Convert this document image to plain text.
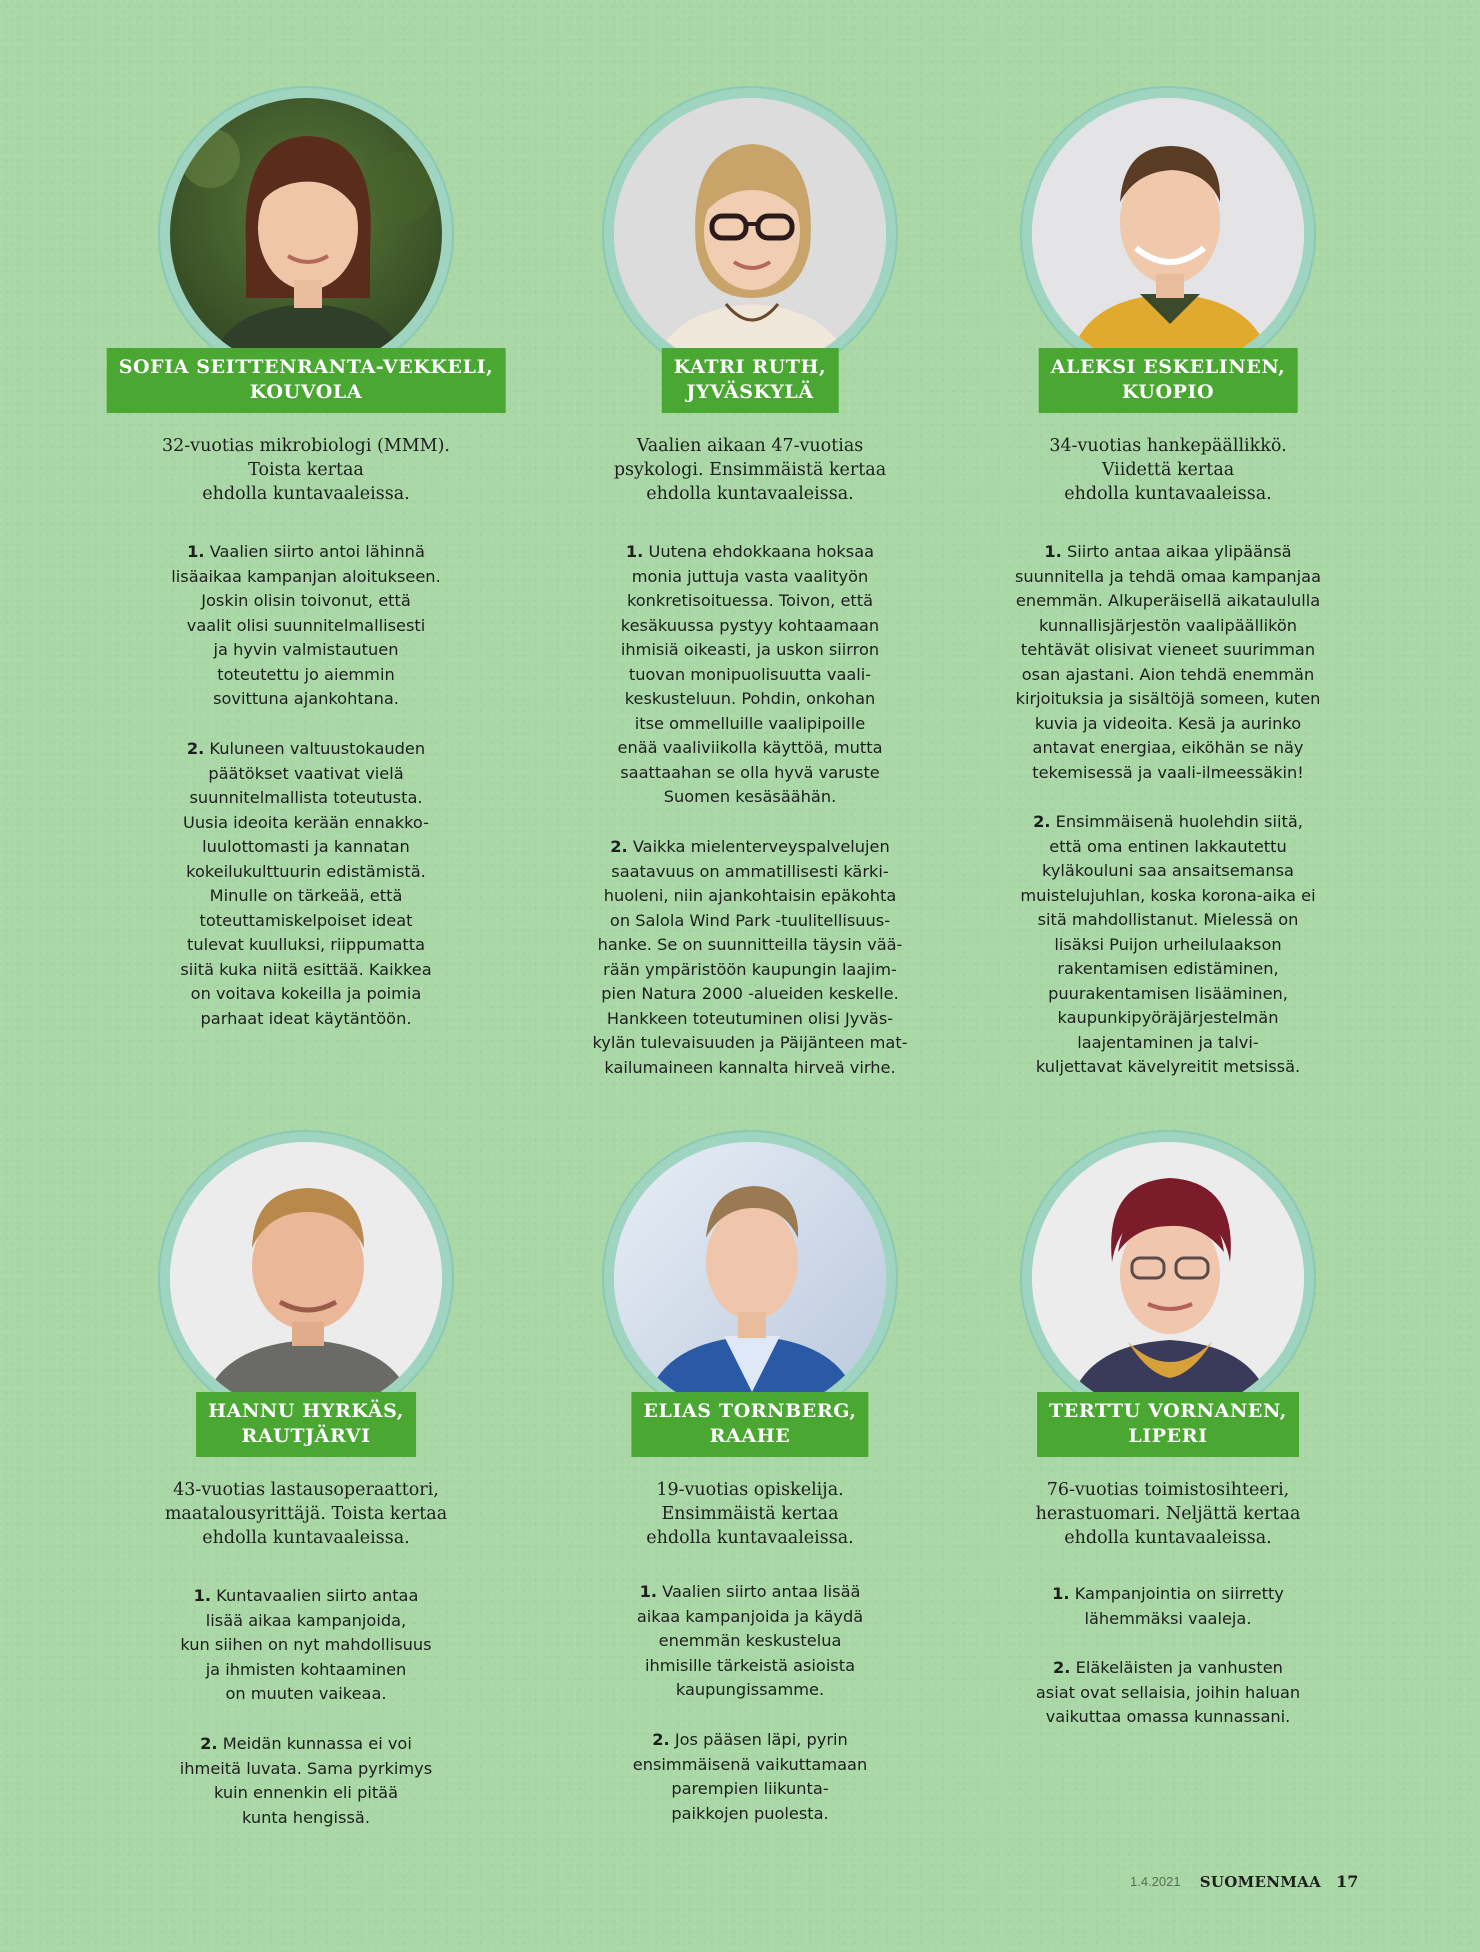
SOFIA SEITTENRANTA-VEKKELI,
KOUVOLA
32-vuotias mikrobiologi (MMM).
Toista kertaa
ehdolla kuntavaaleissa.
1. Vaalien siirto antoi lähinnä
lisäaikaa kampanjan aloitukseen.
Joskin olisin toivonut, että
vaalit olisi suunnitelmallisesti
ja hyvin valmistautuen
toteutettu jo aiemmin
sovittuna ajankohtana.
2. Kuluneen valtuustokauden
päätökset vaativat vielä
suunnitelmallista toteutusta.
Uusia ideoita kerään ennakko-
luulottomasti ja kannatan
kokeilukulttuurin edistämistä.
Minulle on tärkeää, että
toteuttamiskelpoiset ideat
tulevat kuulluksi, riippumatta
siitä kuka niitä esittää. Kaikkea
on voitava kokeilla ja poimia
parhaat ideat käytäntöön.
KATRI RUTH,
JYVÄSKYLÄ
Vaalien aikaan 47-vuotias
psykologi. Ensimmäistä kertaa
ehdolla kuntavaaleissa.
1. Uutena ehdokkaana hoksaa
monia juttuja vasta vaalityön
konkretisoituessa. Toivon, että
kesäkuussa pystyy kohtaamaan
ihmisiä oikeasti, ja uskon siirron
tuovan monipuolisuutta vaali-
keskusteluun. Pohdin, onkohan
itse ommelluille vaalipipoille
enää vaaliviikolla käyttöä, mutta
saattaahan se olla hyvä varuste
Suomen kesäsäähän.
2. Vaikka mielenterveyspalvelujen
saatavuus on ammatillisesti kärki-
huoleni, niin ajankohtaisin epäkohta
on Salola Wind Park -tuulitellisuus-
hanke. Se on suunnitteilla täysin vää-
rään ympäristöön kaupungin laajim-
pien Natura 2000 -alueiden keskelle.
Hankkeen toteutuminen olisi Jyväs-
kylän tulevaisuuden ja Päijänteen mat-
kailumaineen kannalta hirveä virhe.
ALEKSI ESKELINEN,
KUOPIO
34-vuotias hankepäällikkö.
Viidettä kertaa
ehdolla kuntavaaleissa.
1. Siirto antaa aikaa ylipäänsä
suunnitella ja tehdä omaa kampanjaa
enemmän. Alkuperäisellä aikataululla
kunnallisjärjestön vaalipäällikön
tehtävät olisivat vieneet suurimman
osan ajastani. Aion tehdä enemmän
kirjoituksia ja sisältöjä someen, kuten
kuvia ja videoita. Kesä ja aurinko
antavat energiaa, eiköhän se näy
tekemisessä ja vaali-ilmeessäkin!
2. Ensimmäisenä huolehdin siitä,
että oma entinen lakkautettu
kyläkouluni saa ansaitsemansa
muistelujuhlan, koska korona-aika ei
sitä mahdollistanut. Mielessä on
lisäksi Puijon urheilulaakson
rakentamisen edistäminen,
puurakentamisen lisääminen,
kaupunkipyöräjärjestelmän
laajentaminen ja talvi-
kuljettavat kävelyreitit metsissä.
HANNU HYRKÄS,
RAUTJÄRVI
43-vuotias lastausoperaattori,
maatalousyrittäjä. Toista kertaa
ehdolla kuntavaaleissa.
1. Kuntavaalien siirto antaa
lisää aikaa kampanjoida,
kun siihen on nyt mahdollisuus
ja ihmisten kohtaaminen
on muuten vaikeaa.
2. Meidän kunnassa ei voi
ihmeitä luvata. Sama pyrkimys
kuin ennenkin eli pitää
kunta hengissä.
ELIAS TORNBERG,
RAAHE
19-vuotias opiskelija.
Ensimmäistä kertaa
ehdolla kuntavaaleissa.
1. Vaalien siirto antaa lisää
aikaa kampanjoida ja käydä
enemmän keskustelua
ihmisille tärkeistä asioista
kaupungissamme.
2. Jos pääsen läpi, pyrin
ensimmäisenä vaikuttamaan
parempien liikunta-
paikkojen puolesta.
TERTTU VORNANEN,
LIPERI
76-vuotias toimistosihteeri,
herastuomari. Neljättä kertaa
ehdolla kuntavaaleissa.
1. Kampanjointia on siirretty
lähemmäksi vaaleja.
2. Eläkeläisten ja vanhusten
asiat ovat sellaisia, joihin haluan
vaikuttaa omassa kunnassani.
1.4.2021 SUOMENMAA 17
